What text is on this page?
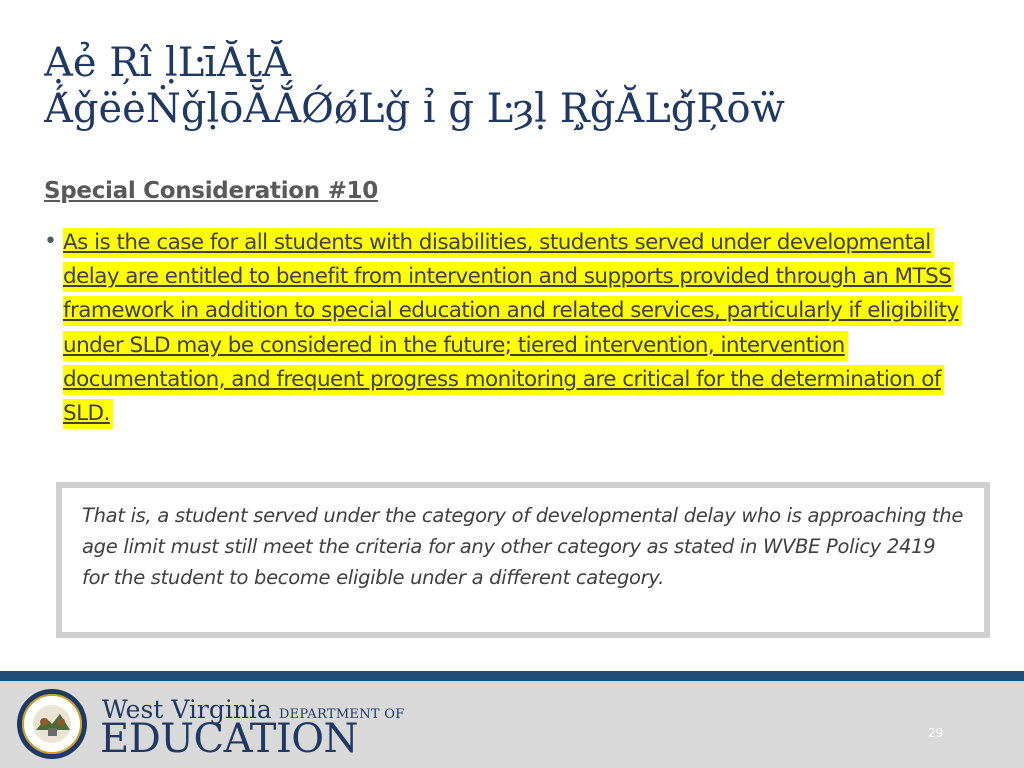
Ạẻ Ŗî ḷĿīĂṯĂ
Á́ǧëėṄǧḷōĂẮǾǿĿǧ ỉ ḡ Ŀȝḷ Ŗ̧ǧĂĿģ̌Ŗōẅ
Special Consideration #10
• As is the case for all students with disabilities, students served under developmental delay are entitled to benefit from intervention and supports provided through an MTSS framework in addition to special education and related services, particularly if eligibility under SLD may be considered in the future; tiered intervention, intervention documentation, and frequent progress monitoring are critical for the determination of SLD.
That is, a student served under the category of developmental delay who is approaching the age limit must still meet the criteria for any other category as stated in WVBE Policy 2419 for the student to become eligible under a different category.
West Virginia DEPARTMENT OF
EDUCATION	29
